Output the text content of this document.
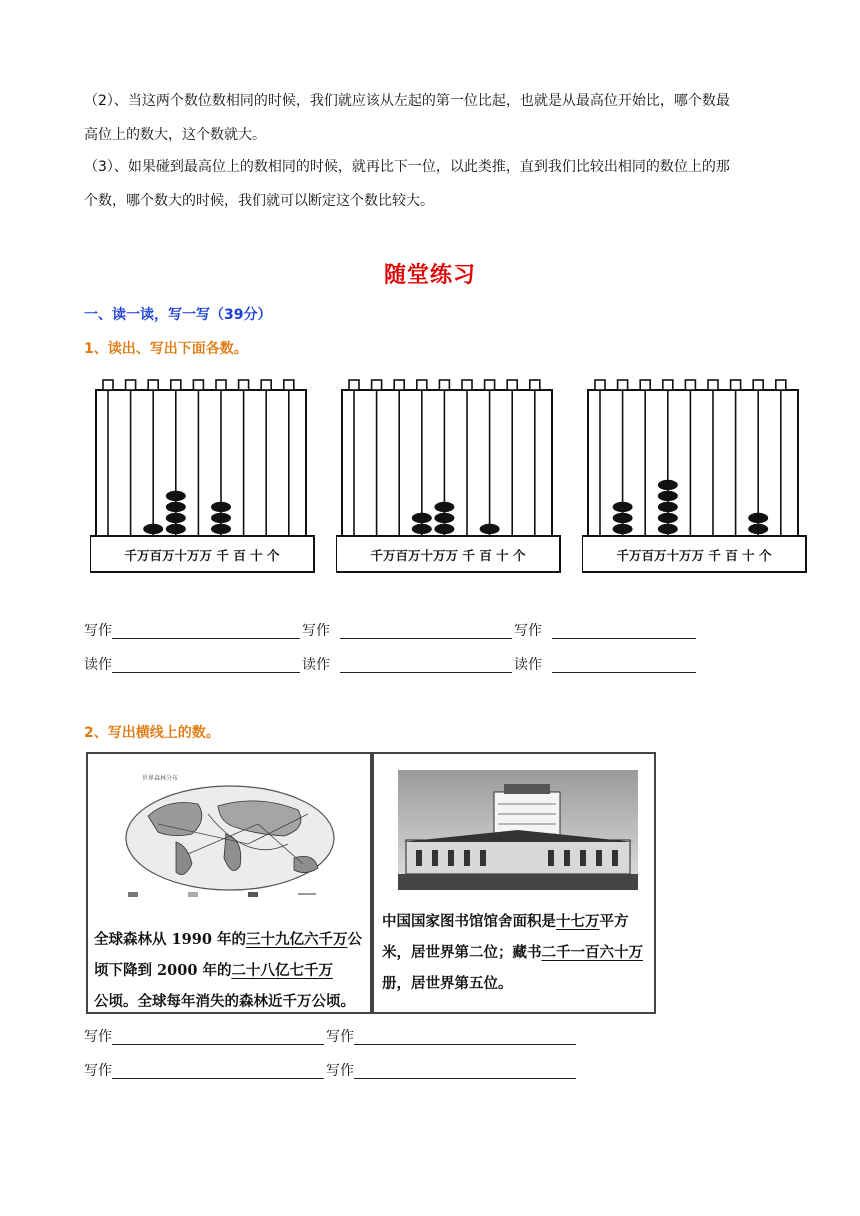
（2）、当这两个数位数相同的时候，我们就应该从左起的第一位比起，也就是从最高位开始比，哪个数最
高位上的数大，这个数就大。
（3）、如果碰到最高位上的数相同的时候，就再比下一位，以此类推，直到我们比较出相同的数位上的那
个数，哪个数大的时候，我们就可以断定这个数比较大。
随堂练习
一、读一读，写一写（39分）
1、读出、写出下面各数。
千万百万十万万 千 百 十 个	千万百万十万万 千 百 十 个	千万百万十万万 千 百 十 个
写作	写作	写作
读作	读作	读作
2、写出横线上的数。
世界森林分布
全球森林从 1990 年的三十九亿六千万公
顷下降到 2000 年的二十八亿七千万
公顷。全球每年消失的森林近千万公顷。
中国国家图书馆馆舍面积是十七万平方
米，居世界第二位；藏书二千一百六十万
册，居世界第五位。
写作	写作
写作	写作
